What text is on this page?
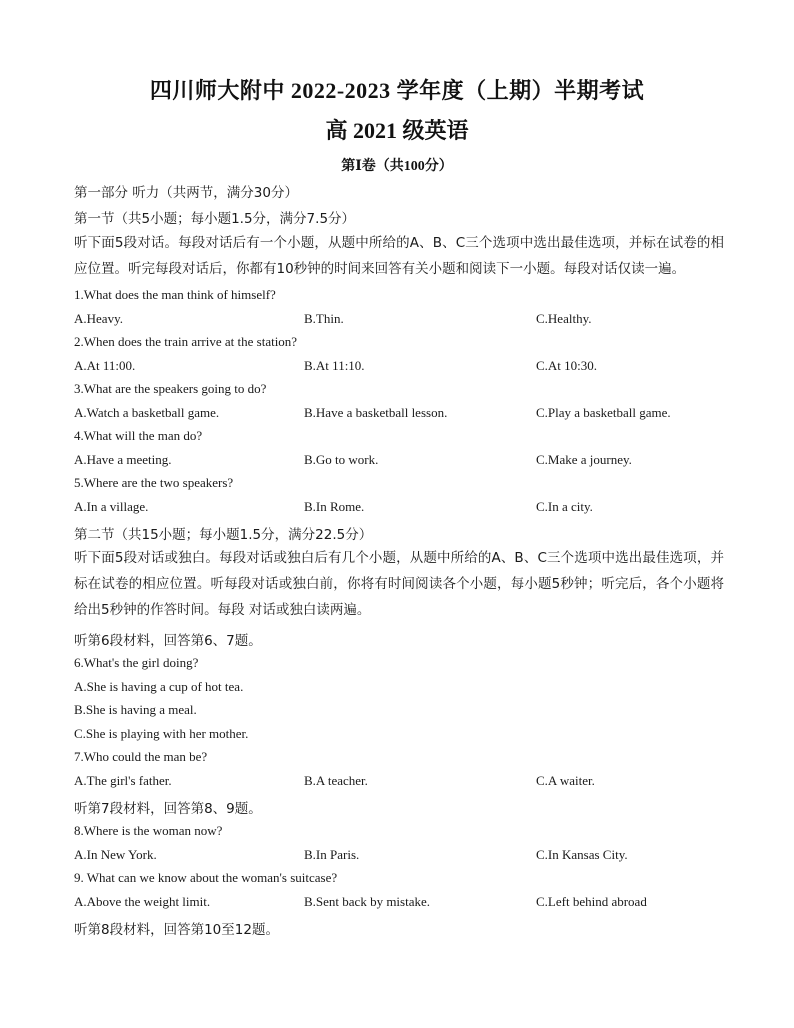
四川师大附中 2022-2023 学年度（上期）半期考试
高 2021 级英语
第Ⅰ卷（共100分）
第一部分 听力（共两节，满分30分）
第一节（共5小题；每小题1.5分，满分7.5分）
听下面5段对话。每段对话后有一个小题，从题中所给的A、B、C三个选项中选出最佳选项，并标在试卷的相应位置。听完每段对话后，你都有10秒钟的时间来回答有关小题和阅读下一小题。每段对话仅读一遍。
1.What does the man think of himself?
A.Heavy.	B.Thin.	C.Healthy.
2.When does the train arrive at the station?
A.At 11:00.	B.At 11:10.	C.At 10:30.
3.What are the speakers going to do?
A.Watch a basketball game.	B.Have a basketball lesson.	C.Play a basketball game.
4.What will the man do?
A.Have a meeting.	B.Go to work.	C.Make a journey.
5.Where are the two speakers?
A.In a village.	B.In Rome.	C.In a city.
第二节（共15小题；每小题1.5分，满分22.5分）
听下面5段对话或独白。每段对话或独白后有几个小题，从题中所给的A、B、C三个选项中选出最佳选项，并标在试卷的相应位置。听每段对话或独白前，你将有时间阅读各个小题，每小题5秒钟；听完后，各个小题将给出5秒钟的作答时间。每段 对话或独白读两遍。
听第6段材料，回答第6、7题。
6.What's the girl doing?
A.She is having a cup of hot tea.
B.She is having a meal.
C.She is playing with her mother.
7.Who could the man be?
A.The girl's father.	B.A teacher.	C.A waiter.
听第7段材料，回答第8、9题。
8.Where is the woman now?
A.In New York.	B.In Paris.	C.In Kansas City.
9. What can we know about the woman's suitcase?
A.Above the weight limit.	B.Sent back by mistake.	C.Left behind abroad
听第8段材料，回答第10至12题。
